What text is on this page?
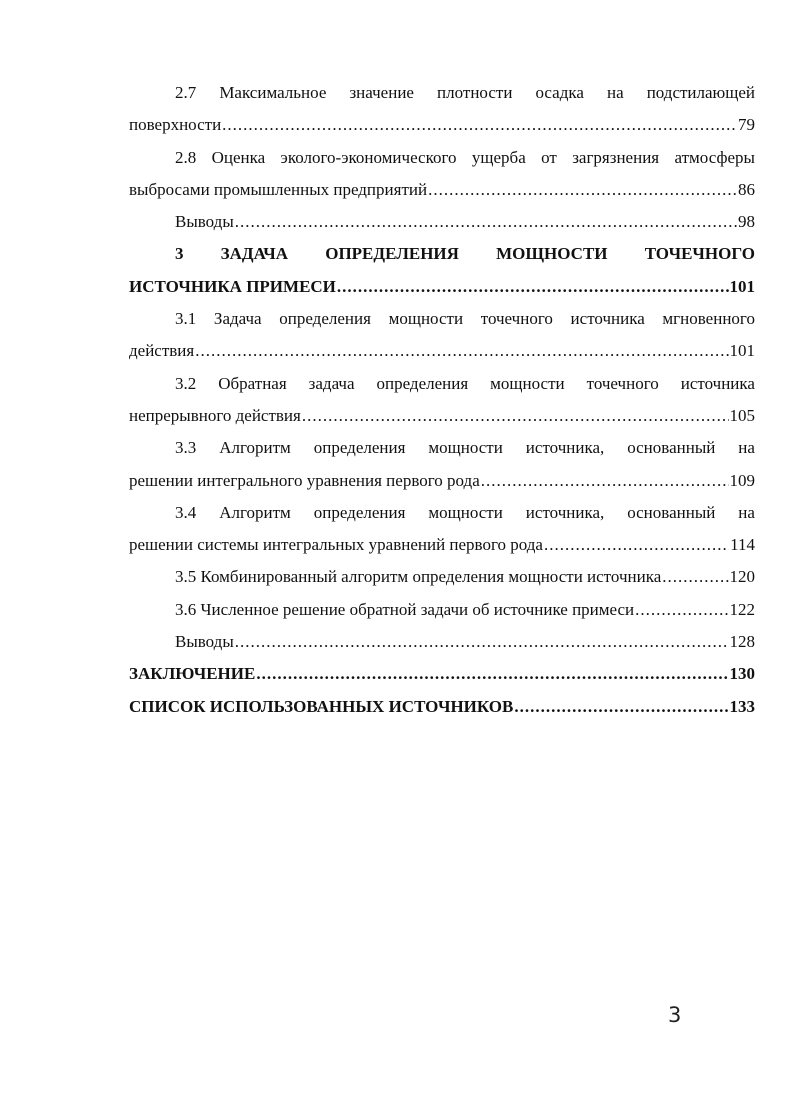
2.7 Максимальное значение плотности осадка на подстилающей
поверхности .....	79
2.8 Оценка эколого-экономического ущерба от загрязнения атмосферы
выбросами промышленных предприятий .....	86
Выводы .....	98
3 ЗАДАЧА ОПРЕДЕЛЕНИЯ МОЩНОСТИ ТОЧЕЧНОГО
ИСТОЧНИКА ПРИМЕСИ .....	101
3.1 Задача определения мощности точечного источника мгновенного
действия .....	101
3.2 Обратная задача определения мощности точечного источника
непрерывного действия .....	105
3.3 Алгоритм определения мощности источника, основанный на
решении интегрального уравнения первого рода .....	109
3.4 Алгоритм определения мощности источника, основанный на
решении системы интегральных уравнений первого рода .....	114
3.5 Комбинированный алгоритм определения мощности источника .....	120
3.6 Численное решение обратной задачи об источнике примеси .....	122
Выводы .....	128
ЗАКЛЮЧЕНИЕ .....	130
СПИСОК ИСПОЛЬЗОВАННЫХ ИСТОЧНИКОВ .....	133
3
